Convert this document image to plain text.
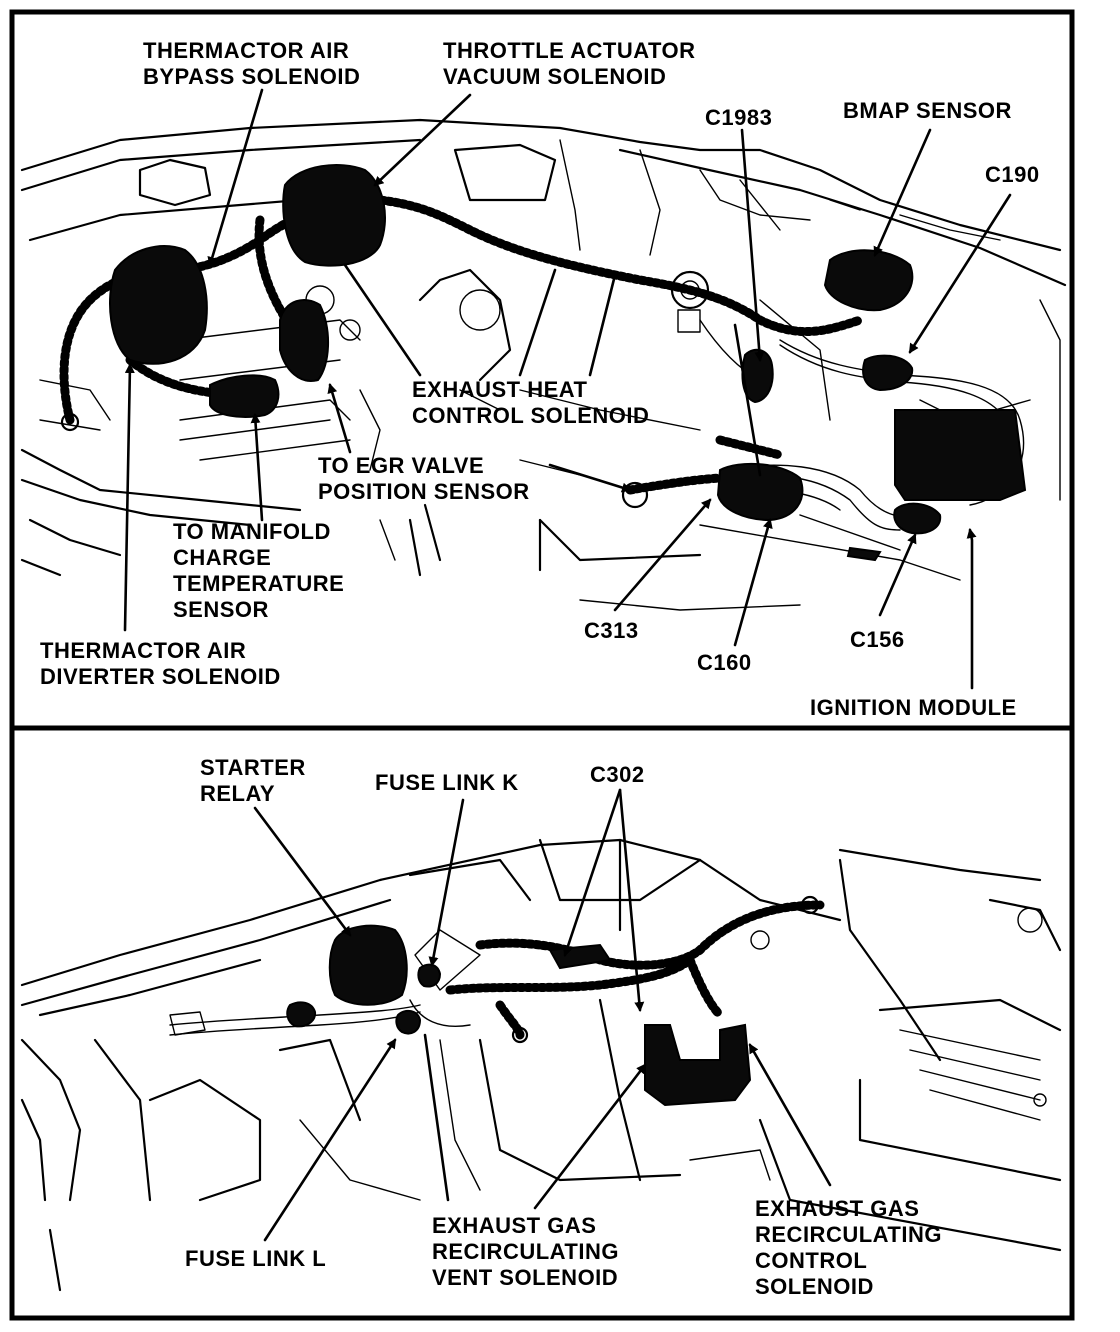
THERMACTOR AIR
BYPASS SOLENOID
THROTTLE ACTUATOR
VACUUM SOLENOID
C1983	BMAP SENSOR
C190
EXHAUST HEAT
CONTROL SOLENOID
TO EGR VALVE
POSITION SENSOR
TO MANIFOLD
CHARGE
TEMPERATURE
SENSOR
THERMACTOR AIR
DIVERTER SOLENOID
C313
C160
C156
IGNITION MODULE
STARTER
RELAY	FUSE LINK K	C302
FUSE LINK L
EXHAUST GAS
RECIRCULATING
VENT SOLENOID
EXHAUST GAS
RECIRCULATING
CONTROL
SOLENOID
